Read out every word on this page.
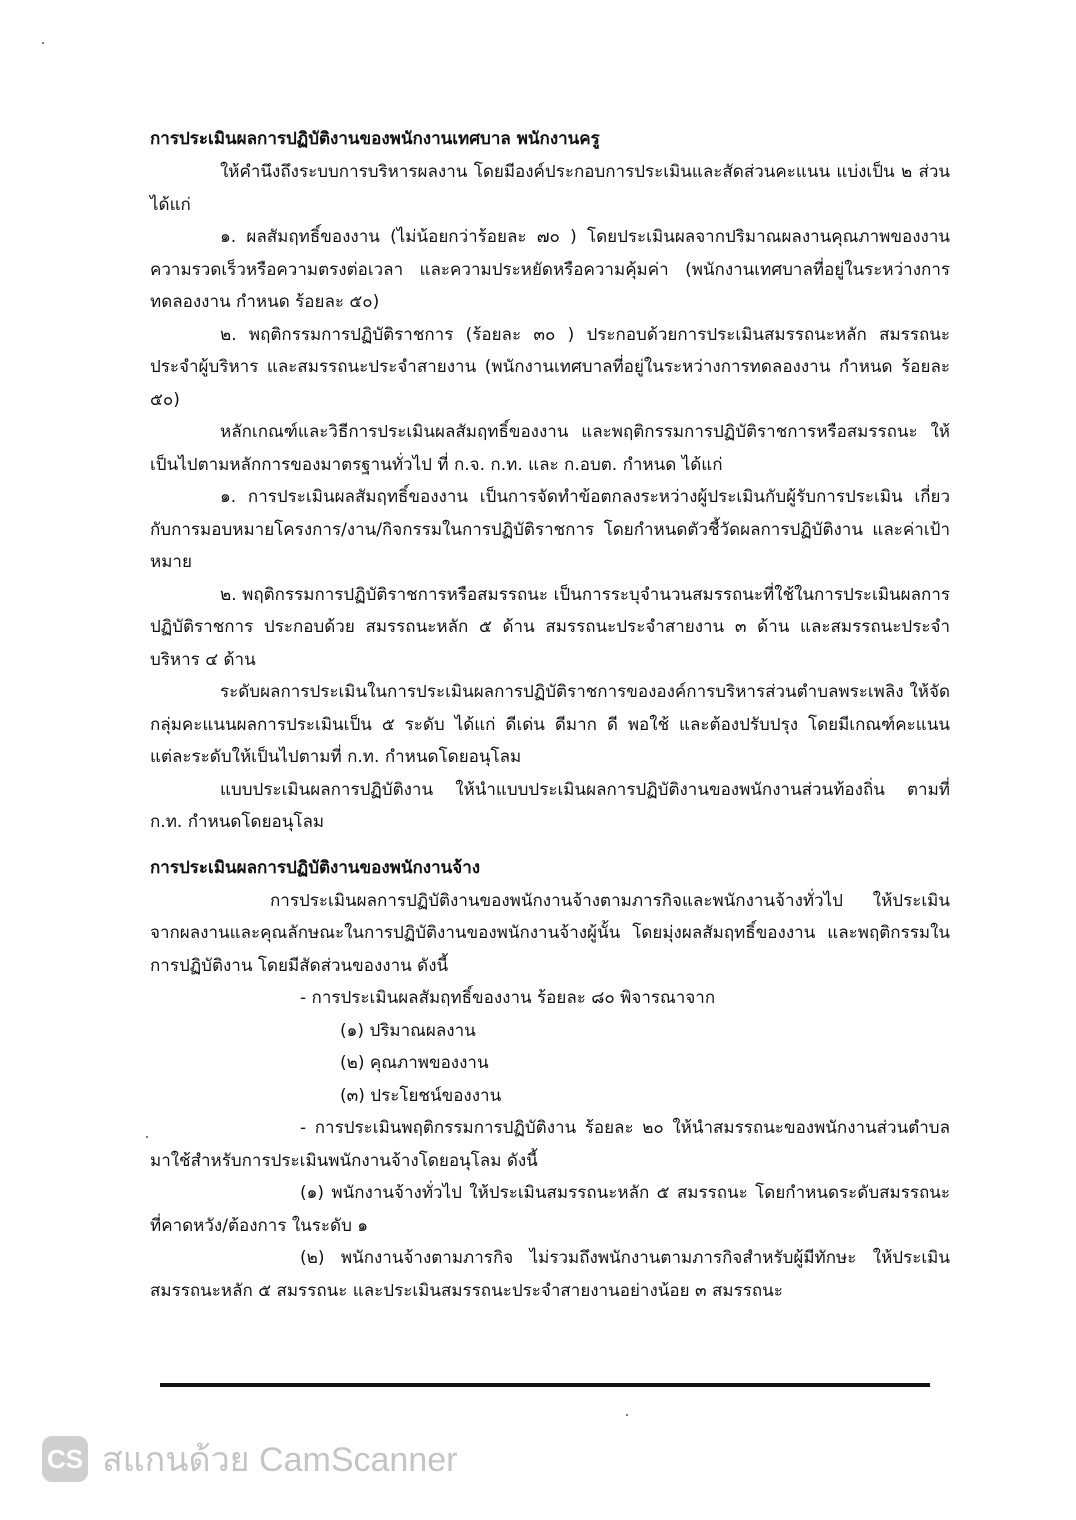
การประเมินผลการปฏิบัติงานของพนักงานเทศบาล พนักงานครู

ให้คำนึงถึงระบบการบริหารผลงาน โดยมีองค์ประกอบการประเมินและสัดส่วนคะแนน แบ่งเป็น ๒ ส่วน ได้แก่

๑. ผลสัมฤทธิ์ของงาน (ไม่น้อยกว่าร้อยละ ๗๐ ) โดยประเมินผลจากปริมาณผลงานคุณภาพของงาน ความรวดเร็วหรือความตรงต่อเวลา และความประหยัดหรือความคุ้มค่า (พนักงานเทศบาลที่อยู่ในระหว่างการทดลองงาน กำหนด ร้อยละ ๕๐)

๒. พฤติกรรมการปฏิบัติราชการ (ร้อยละ ๓๐ ) ประกอบด้วยการประเมินสมรรถนะหลัก สมรรถนะประจำผู้บริหาร และสมรรถนะประจำสายงาน (พนักงานเทศบาลที่อยู่ในระหว่างการทดลองงาน กำหนด ร้อยละ ๕๐)

หลักเกณฑ์และวิธีการประเมินผลสัมฤทธิ์ของงาน และพฤติกรรมการปฏิบัติราชการหรือสมรรถนะ ให้เป็นไปตามหลักการของมาตรฐานทั่วไป ที่ ก.จ. ก.ท. และ ก.อบต. กำหนด ได้แก่

๑. การประเมินผลสัมฤทธิ์ของงาน เป็นการจัดทำข้อตกลงระหว่างผู้ประเมินกับผู้รับการประเมิน เกี่ยวกับการมอบหมายโครงการ/งาน/กิจกรรมในการปฏิบัติราชการ โดยกำหนดตัวชี้วัดผลการปฏิบัติงาน และค่าเป้าหมาย

๒. พฤติกรรมการปฏิบัติราชการหรือสมรรถนะ เป็นการระบุจำนวนสมรรถนะที่ใช้ในการประเมินผลการปฏิบัติราชการ ประกอบด้วย สมรรถนะหลัก ๕ ด้าน สมรรถนะประจำสายงาน ๓ ด้าน และสมรรถนะประจำบริหาร ๔ ด้าน

ระดับผลการประเมินในการประเมินผลการปฏิบัติราชการขององค์การบริหารส่วนตำบลพระเพลิง ให้จัดกลุ่มคะแนนผลการประเมินเป็น ๕ ระดับ ได้แก่ ดีเด่น ดีมาก ดี พอใช้ และต้องปรับปรุง โดยมีเกณฑ์คะแนนแต่ละระดับให้เป็นไปตามที่ ก.ท. กำหนดโดยอนุโลม

แบบประเมินผลการปฏิบัติงาน ให้นำแบบประเมินผลการปฏิบัติงานของพนักงานส่วนท้องถิ่น ตามที่ ก.ท. กำหนดโดยอนุโลม

การประเมินผลการปฏิบัติงานของพนักงานจ้าง

การประเมินผลการปฏิบัติงานของพนักงานจ้างตามภารกิจและพนักงานจ้างทั่วไป ให้ประเมินจากผลงานและคุณลักษณะในการปฏิบัติงานของพนักงานจ้างผู้นั้น โดยมุ่งผลสัมฤทธิ์ของงาน และพฤติกรรมในการปฏิบัติงาน โดยมีสัดส่วนของงาน ดังนี้

- การประเมินผลสัมฤทธิ์ของงาน ร้อยละ ๘๐ พิจารณาจาก

(๑) ปริมาณผลงาน

(๒) คุณภาพของงาน

(๓) ประโยชน์ของงาน

- การประเมินพฤติกรรมการปฏิบัติงาน ร้อยละ ๒๐ ให้นำสมรรถนะของพนักงานส่วนตำบลมาใช้สำหรับการประเมินพนักงานจ้างโดยอนุโลม ดังนี้

(๑) พนักงานจ้างทั่วไป ให้ประเมินสมรรถนะหลัก ๕ สมรรถนะ โดยกำหนดระดับสมรรถนะที่คาดหวัง/ต้องการ ในระดับ ๑

(๒) พนักงานจ้างตามภารกิจ ไม่รวมถึงพนักงานตามภารกิจสำหรับผู้มีทักษะ ให้ประเมินสมรรถนะหลัก ๕ สมรรถนะ และประเมินสมรรถนะประจำสายงานอย่างน้อย ๓ สมรรถนะ

CS สแกนด้วย CamScanner
